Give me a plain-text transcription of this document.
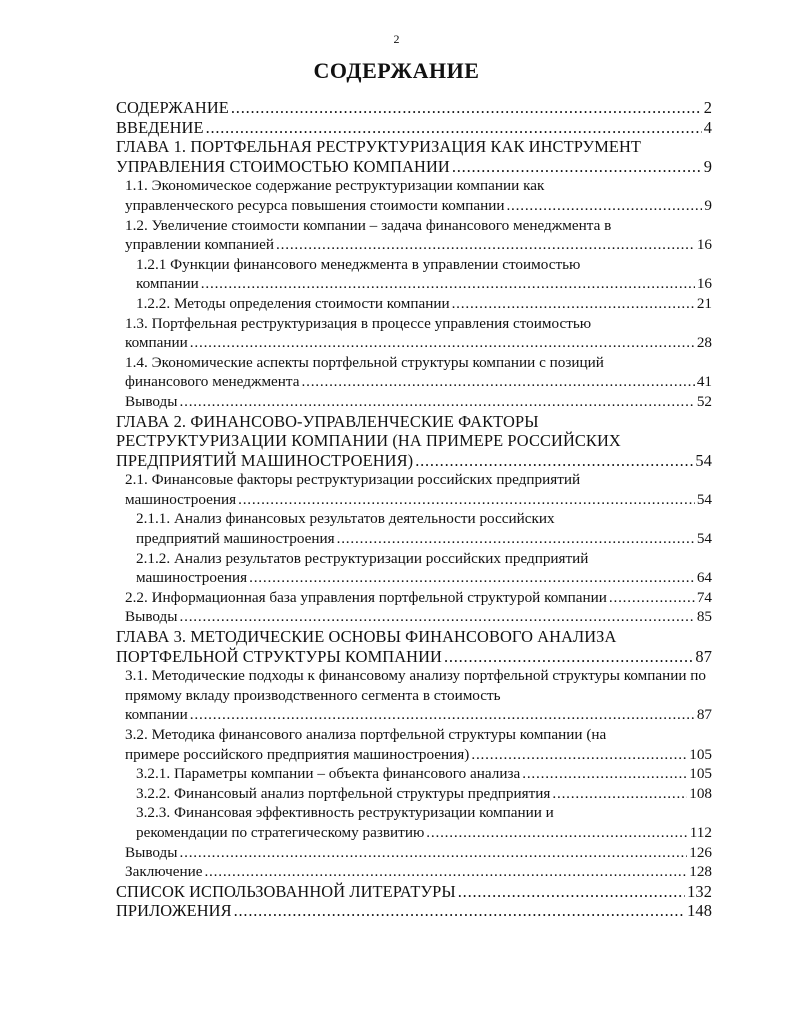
2
СОДЕРЖАНИЕ
СОДЕРЖАНИЕ .....	2
ВВЕДЕНИЕ .....	4
ГЛАВА 1. ПОРТФЕЛЬНАЯ РЕСТРУКТУРИЗАЦИЯ КАК ИНСТРУМЕНТ
УПРАВЛЕНИЯ СТОИМОСТЬЮ КОМПАНИИ .....	9
1.1. Экономическое содержание реструктуризации компании как
управленческого ресурса повышения стоимости компании .....	9
1.2. Увеличение стоимости компании – задача финансового менеджмента в
управлении компанией .....	16
1.2.1 Функции финансового менеджмента в управлении стоимостью
компании .....	16
1.2.2. Методы определения стоимости компании .....	21
1.3. Портфельная реструктуризация в процессе управления стоимостью
компании .....	28
1.4. Экономические аспекты портфельной структуры компании с позиций
финансового менеджмента .....	41
Выводы .....	52
ГЛАВА 2. ФИНАНСОВО-УПРАВЛЕНЧЕСКИЕ ФАКТОРЫ РЕСТРУКТУРИЗАЦИИ КОМПАНИИ (НА ПРИМЕРЕ РОССИЙСКИХ
ПРЕДПРИЯТИЙ МАШИНОСТРОЕНИЯ) .....	54
2.1. Финансовые факторы реструктуризации российских предприятий
машиностроения .....	54
2.1.1. Анализ финансовых результатов деятельности российских
предприятий машиностроения .....	54
2.1.2. Анализ результатов реструктуризации российских предприятий
машиностроения .....	64
2.2. Информационная база управления портфельной структурой компании .....	74
Выводы .....	85
ГЛАВА 3. МЕТОДИЧЕСКИЕ ОСНОВЫ ФИНАНСОВОГО АНАЛИЗА
ПОРТФЕЛЬНОЙ СТРУКТУРЫ КОМПАНИИ .....	87
3.1. Методические подходы к финансовому анализу портфельной структуры компании по прямому вкладу производственного сегмента в стоимость
компании .....	87
3.2. Методика финансового анализа портфельной структуры компании (на
примере российского предприятия машиностроения) .....	105
3.2.1. Параметры компании – объекта финансового анализа .....	105
3.2.2. Финансовый анализ портфельной структуры предприятия .....	108
3.2.3. Финансовая эффективность реструктуризации компании и
рекомендации по стратегическому развитию .....	112
Выводы .....	126
Заключение .....	128
СПИСОК ИСПОЛЬЗОВАННОЙ ЛИТЕРАТУРЫ .....	132
ПРИЛОЖЕНИЯ .....	148
